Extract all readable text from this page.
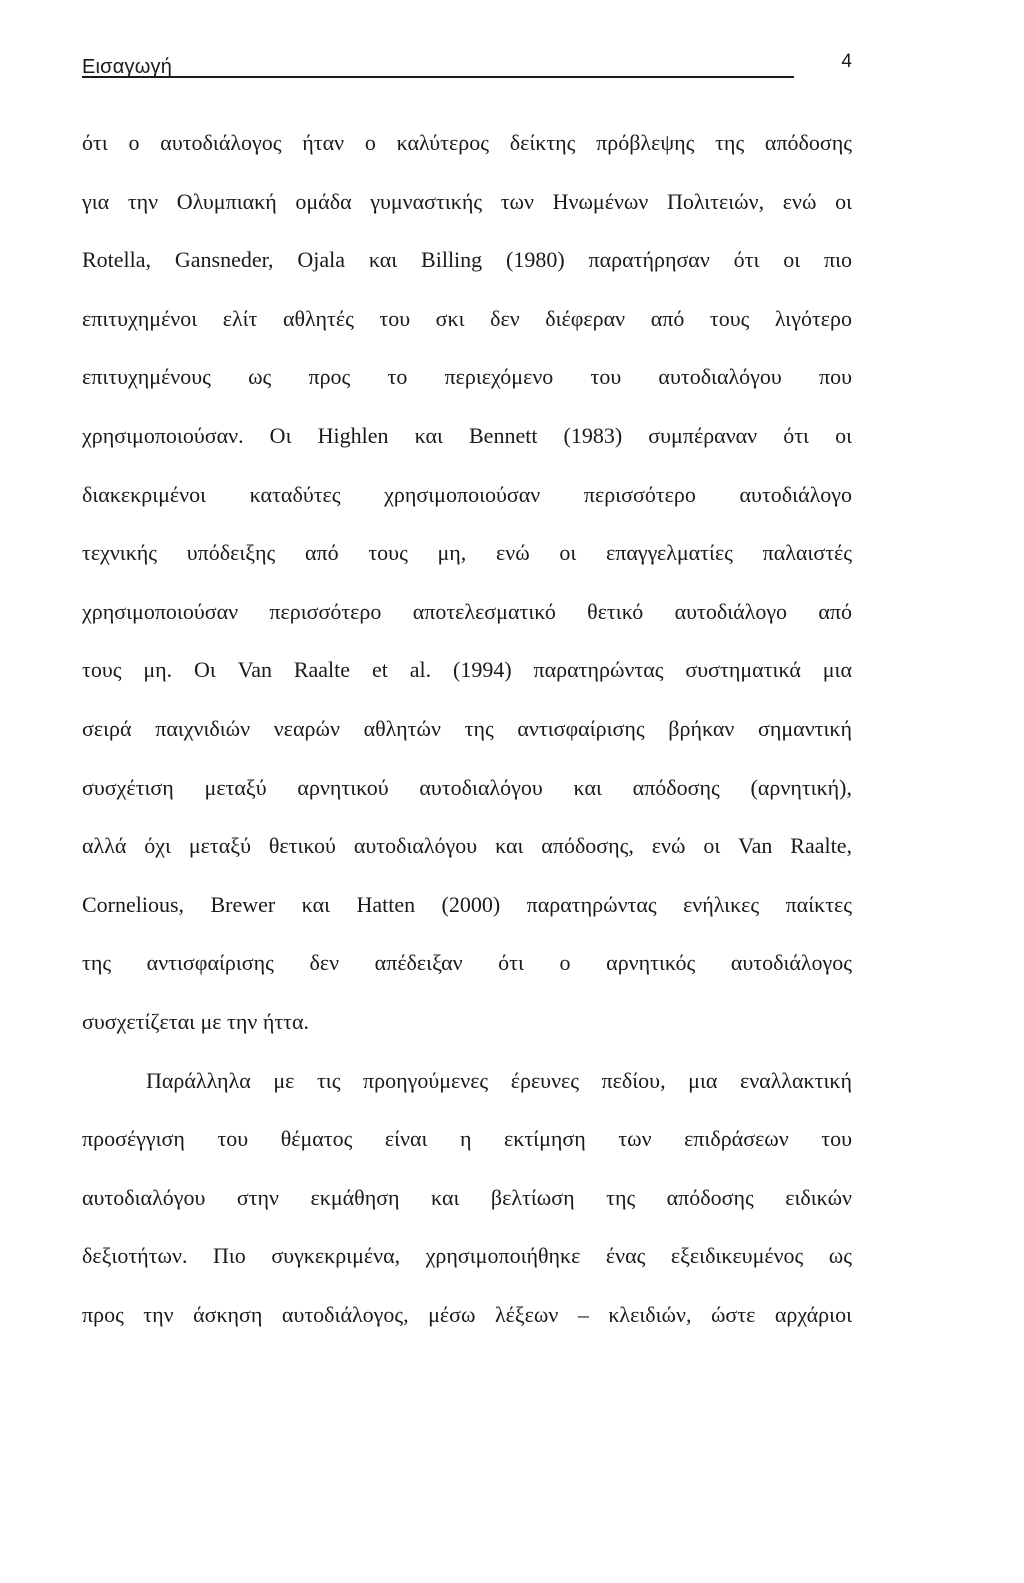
Εισαγωγή	4
ότι ο αυτοδιάλογος ήταν ο καλύτερος δείκτης πρόβλεψης της απόδοσης
για την Ολυμπιακή ομάδα γυμναστικής των Ηνωμένων Πολιτειών, ενώ οι
Rotella, Gansneder, Ojala και Billing (1980) παρατήρησαν ότι οι πιο
επιτυχημένοι ελίτ αθλητές του σκι δεν διέφεραν από τους λιγότερο
επιτυχημένους ως προς το περιεχόμενο του αυτοδιαλόγου που
χρησιμοποιούσαν. Οι Highlen και Bennett (1983) συμπέραναν ότι οι
διακεκριμένοι καταδύτες χρησιμοποιούσαν περισσότερο αυτοδιάλογο
τεχνικής υπόδειξης από τους μη, ενώ οι επαγγελματίες παλαιστές
χρησιμοποιούσαν περισσότερο αποτελεσματικό θετικό αυτοδιάλογο από
τους μη. Οι Van Raalte et al. (1994) παρατηρώντας συστηματικά μια
σειρά παιχνιδιών νεαρών αθλητών της αντισφαίρισης βρήκαν σημαντική
συσχέτιση μεταξύ αρνητικού αυτοδιαλόγου και απόδοσης (αρνητική),
αλλά όχι μεταξύ θετικού αυτοδιαλόγου και απόδοσης, ενώ οι Van Raalte,
Cornelious, Brewer και Hatten (2000) παρατηρώντας ενήλικες παίκτες
της αντισφαίρισης δεν απέδειξαν ότι ο αρνητικός αυτοδιάλογος
συσχετίζεται με την ήττα.
Παράλληλα με τις προηγούμενες έρευνες πεδίου, μια εναλλακτική
προσέγγιση του θέματος είναι η εκτίμηση των επιδράσεων του
αυτοδιαλόγου στην εκμάθηση και βελτίωση της απόδοσης ειδικών
δεξιοτήτων. Πιο συγκεκριμένα, χρησιμοποιήθηκε ένας εξειδικευμένος ως
προς την άσκηση αυτοδιάλογος, μέσω λέξεων – κλειδιών, ώστε αρχάριοι
